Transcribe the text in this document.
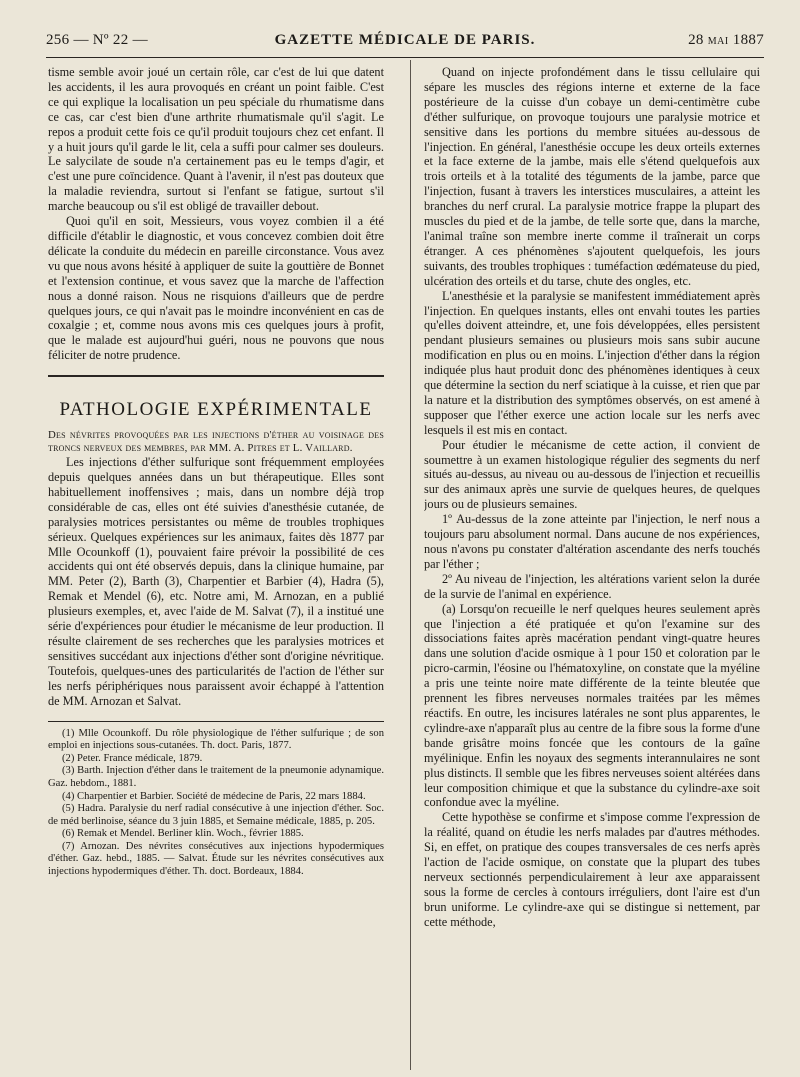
256 — Nº 22 —	GAZETTE MÉDICALE DE PARIS.	28 MAI 1887

tisme semble avoir joué un certain rôle, car c'est de lui que datent les accidents, il les aura provoqués en créant un point faible. C'est ce qui explique la localisation un peu spéciale du rhumatisme dans ce cas, car c'est bien d'une arthrite rhumatismale qu'il s'agit. Le repos a produit cette fois ce qu'il produit toujours chez cet enfant. Il y a huit jours qu'il garde le lit, cela a suffi pour calmer ses douleurs. Le salycilate de soude n'a certainement pas eu le temps d'agir, et c'est une pure coïncidence. Quant à l'avenir, il n'est pas douteux que la maladie reviendra, surtout si l'enfant se fatigue, surtout s'il marche beaucoup ou s'il est obligé de travailler debout.

Quoi qu'il en soit, Messieurs, vous voyez combien il a été difficile d'établir le diagnostic, et vous concevez combien doit être délicate la conduite du médecin en pareille circonstance. Vous avez vu que nous avons hésité à appliquer de suite la gouttière de Bonnet et l'extension continue, et vous savez que la marche de l'affection nous a donné raison. Nous ne risquions d'ailleurs que de perdre quelques jours, ce qui n'avait pas le moindre inconvénient en cas de coxalgie ; et, comme nous avons mis ces quelques jours à profit, que le malade est aujourd'hui guéri, nous ne pouvons que nous féliciter de notre prudence.

PATHOLOGIE EXPÉRIMENTALE

Des névrites provoquées par les injections d'éther au voisinage des troncs nerveux des membres, par MM. A. Pitres et L. Vaillard.

Les injections d'éther sulfurique sont fréquemment employées depuis quelques années dans un but thérapeutique. Elles sont habituellement inoffensives ; mais, dans un nombre déjà trop considérable de cas, elles ont été suivies d'anesthésie cutanée, de paralysies motrices persistantes ou même de troubles trophiques sérieux. Quelques expériences sur les animaux, faites dès 1877 par Mlle Ocounkoff (1), pouvaient faire prévoir la possibilité de ces accidents qui ont été observés depuis, dans la clinique humaine, par MM. Peter (2), Barth (3), Charpentier et Barbier (4), Hadra (5), Remak et Mendel (6), etc. Notre ami, M. Arnozan, en a publié plusieurs exemples, et, avec l'aide de M. Salvat (7), il a institué une série d'expériences pour étudier le mécanisme de leur production. Il résulte clairement de ses recherches que les paralysies motrices et sensitives succédant aux injections d'éther sont d'origine névritique. Toutefois, quelques-unes des particularités de l'action de l'éther sur les nerfs périphériques nous paraissent avoir échappé à l'attention de MM. Arnozan et Salvat.

(1) Mlle Ocounkoff. Du rôle physiologique de l'éther sulfurique ; de son emploi en injections sous-cutanées. Th. doct. Paris, 1877.

(2) Peter. France médicale, 1879.

(3) Barth. Injection d'éther dans le traitement de la pneumonie adynamique. Gaz. hebdom., 1881.

(4) Charpentier et Barbier. Société de médecine de Paris, 22 mars 1884.

(5) Hadra. Paralysie du nerf radial consécutive à une injection d'éther. Soc. de méd berlinoise, séance du 3 juin 1885, et Semaine médicale, 1885, p. 205.

(6) Remak et Mendel. Berliner klin. Woch., février 1885.

(7) Arnozan. Des névrites consécutives aux injections hypodermiques d'éther. Gaz. hebd., 1885. — Salvat. Étude sur les névrites consécutives aux injections hypodermiques d'éther. Th. doct. Bordeaux, 1884.

Quand on injecte profondément dans le tissu cellulaire qui sépare les muscles des régions interne et externe de la face postérieure de la cuisse d'un cobaye un demi-centimètre cube d'éther sulfurique, on provoque toujours une paralysie motrice et sensitive dans les portions du membre situées au-dessous de l'injection. En général, l'anesthésie occupe les deux orteils externes et la face externe de la jambe, mais elle s'étend quelquefois aux trois orteils et à la totalité des téguments de la jambe, parce que l'injection, fusant à travers les interstices musculaires, a atteint les branches du nerf crural. La paralysie motrice frappe la plupart des muscles du pied et de la jambe, de telle sorte que, dans la marche, l'animal traîne son membre inerte comme il traînerait un corps étranger. A ces phénomènes s'ajoutent quelquefois, les jours suivants, des troubles trophiques : tuméfaction œdémateuse du pied, ulcération des orteils et du tarse, chute des ongles, etc.

L'anesthésie et la paralysie se manifestent immédiatement après l'injection. En quelques instants, elles ont envahi toutes les parties qu'elles doivent atteindre, et, une fois développées, elles persistent pendant plusieurs semaines ou plusieurs mois sans subir aucune modification en plus ou en moins. L'injection d'éther dans la région indiquée plus haut produit donc des phénomènes identiques à ceux que détermine la section du nerf sciatique à la cuisse, et rien que par la nature et la distribution des symptômes observés, on est amené à supposer que l'éther exerce une action locale sur les nerfs avec lesquels il est mis en contact.

Pour étudier le mécanisme de cette action, il convient de soumettre à un examen histologique régulier des segments du nerf situés au-dessus, au niveau ou au-dessous de l'injection et recueillis sur des animaux après une survie de quelques heures, de quelques jours ou de plusieurs semaines.

1º Au-dessus de la zone atteinte par l'injection, le nerf nous a toujours paru absolument normal. Dans aucune de nos expériences, nous n'avons pu constater d'altération ascendante des nerfs touchés par l'éther ;

2º Au niveau de l'injection, les altérations varient selon la durée de la survie de l'animal en expérience.

(a) Lorsqu'on recueille le nerf quelques heures seulement après que l'injection a été pratiquée et qu'on l'examine sur des dissociations faites après macération pendant vingt-quatre heures dans une solution d'acide osmique à 1 pour 150 et coloration par le picro-carmin, l'éosine ou l'hématoxyline, on constate que la myéline a pris une teinte noire mate différente de la teinte bleutée que prennent les fibres nerveuses normales traitées par les mêmes réactifs. En outre, les incisures latérales ne sont plus apparentes, le cylindre-axe n'apparaît plus au centre de la fibre sous la forme d'une bande grisâtre moins foncée que les contours de la gaîne myélinique. Enfin les noyaux des segments interannulaires ne sont plus distincts. Il semble que les fibres nerveuses soient altérées dans leur composition chimique et que la substance du cylindre-axe soit confondue avec la myéline.

Cette hypothèse se confirme et s'impose comme l'expression de la réalité, quand on étudie les nerfs malades par d'autres méthodes. Si, en effet, on pratique des coupes transversales de ces nerfs après l'action de l'acide osmique, on constate que la plupart des tubes nerveux sectionnés perpendiculairement à leur axe apparaissent sous la forme de cercles à contours irréguliers, dont l'aire est d'un brun uniforme. Le cylindre-axe qui se distingue si nettement, par cette méthode,
